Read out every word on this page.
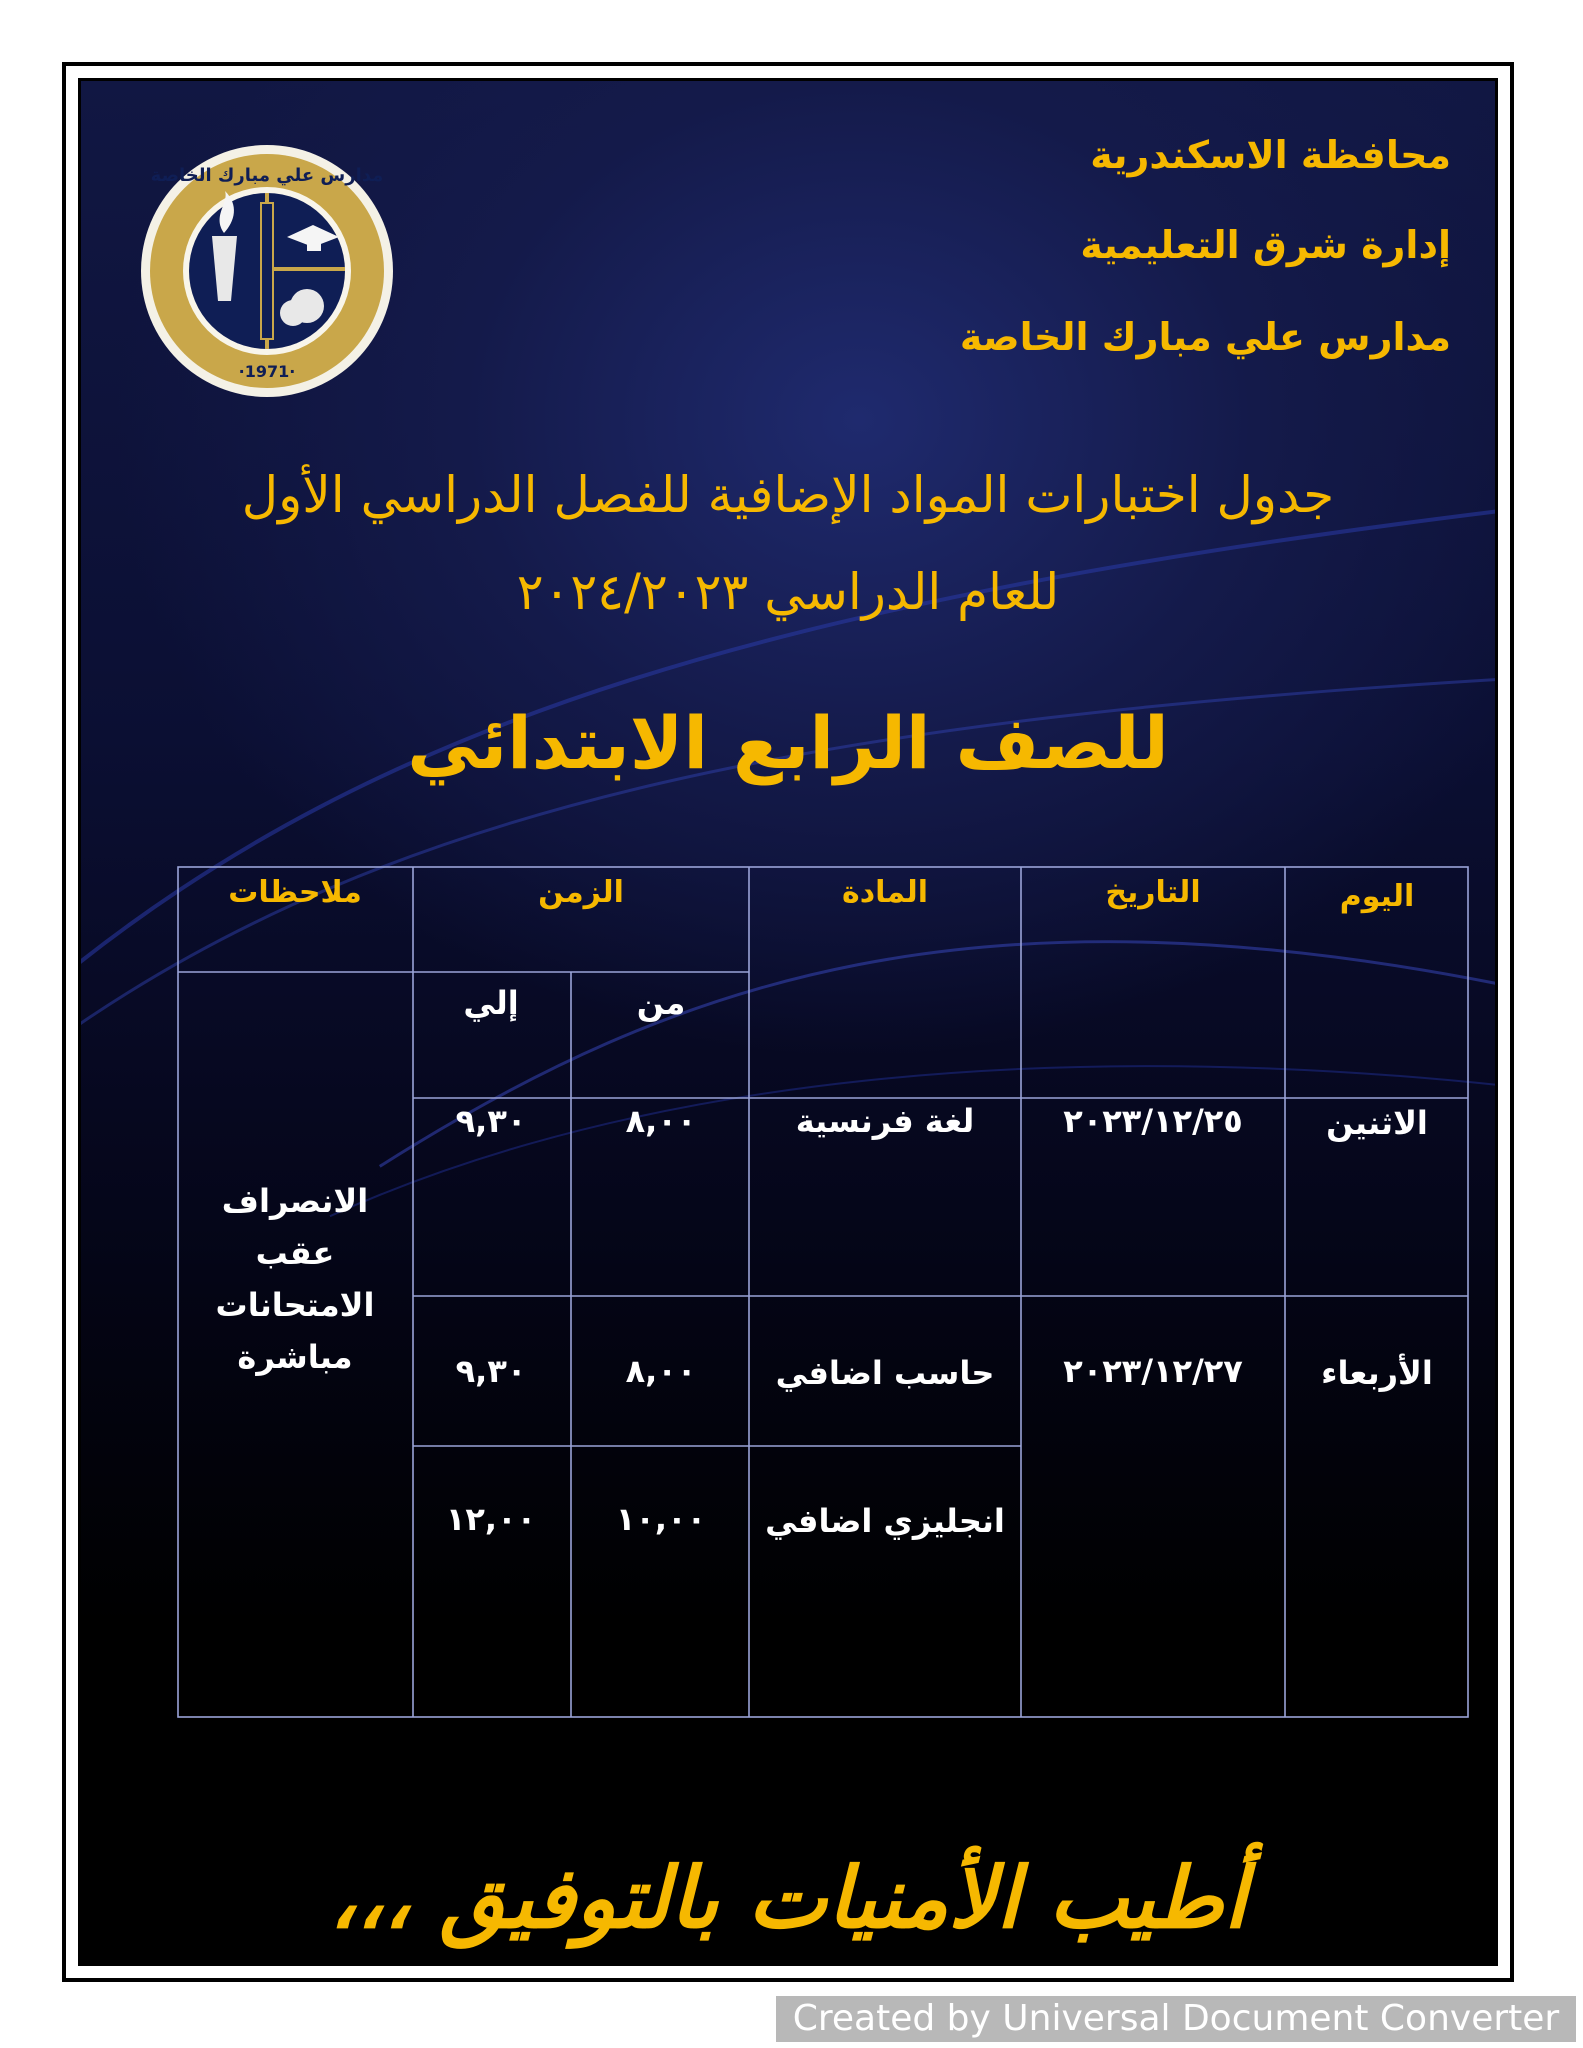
·1971·
مدارس علي مبارك الخاصة	محافظة الاسكندرية
إدارة شرق التعليمية
مدارس علي مبارك الخاصة
جدول اختبارات المواد الإضافية للفصل الدراسي الأول
للعام الدراسي ٢٠٢٤/٢٠٢٣
للصف الرابع الابتدائي
اليوم
التاريخ
المادة
الزمن
ملاحظات
من
إلي
الاثنين
٢٠٢٣/١٢/٢٥
لغة فرنسية
٨,٠٠
٩,٣٠
الأربعاء
٢٠٢٣/١٢/٢٧
حاسب اضافي
٨,٠٠
٩,٣٠
انجليزي اضافي
١٠,٠٠
١٢,٠٠
الانصراف
عقب
الامتحانات
مباشرة
أطيب الأمنيات بالتوفيق ،،،
Created by Universal Document Converter
